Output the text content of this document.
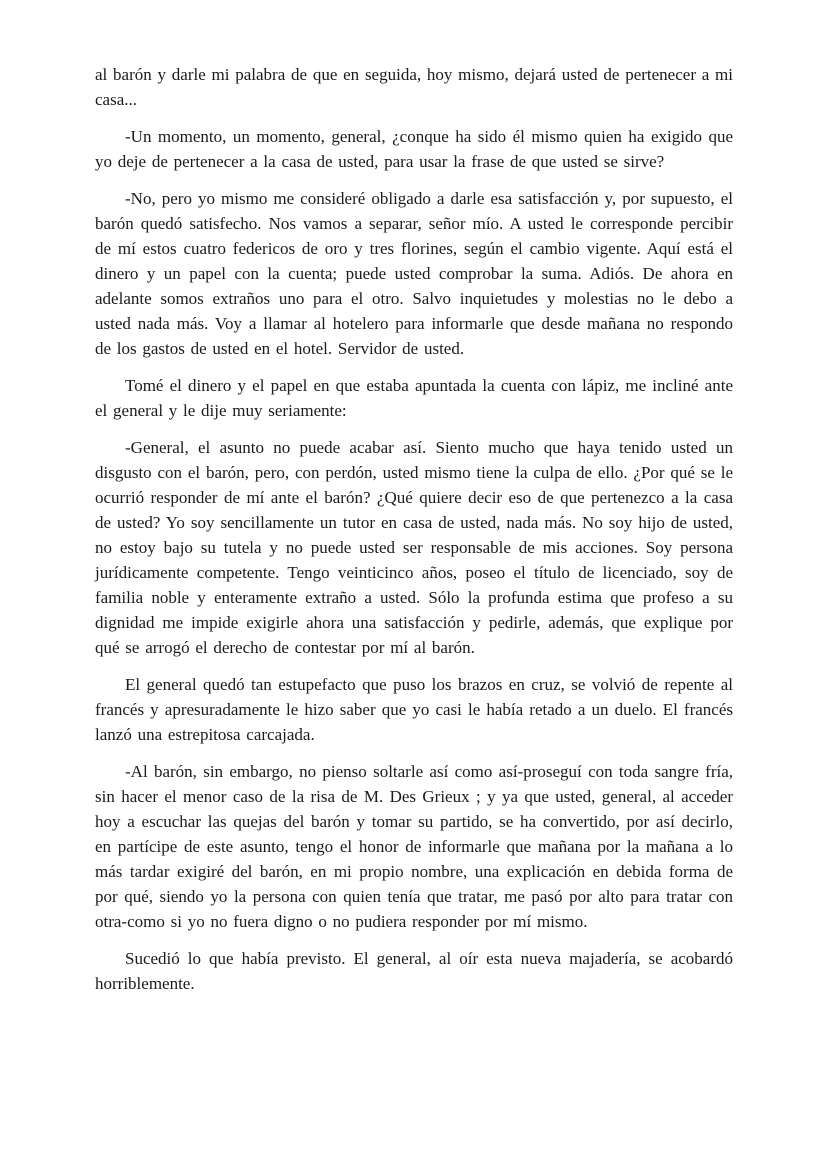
al barón y darle mi palabra de que en seguida, hoy mismo, dejará usted de pertenecer a mi casa...

-Un momento, un momento, general, ¿conque ha sido él mismo quien ha exigido que yo deje de pertenecer a la casa de usted, para usar la frase de que usted se sirve?

-No, pero yo mismo me consideré obligado a darle esa satisfacción y, por supuesto, el barón quedó satisfecho. Nos vamos a separar, señor mío. A usted le corresponde percibir de mí estos cuatro federicos de oro y tres florines, según el cambio vigente. Aquí está el dinero y un papel con la cuenta; puede usted comprobar la suma. Adiós. De ahora en adelante somos extraños uno para el otro. Salvo inquietudes y molestias no le debo a usted nada más. Voy a llamar al hotelero para informarle que desde mañana no respondo de los gastos de usted en el hotel. Servidor de usted.

Tomé el dinero y el papel en que estaba apuntada la cuenta con lápiz, me incliné ante el general y le dije muy seriamente:

-General, el asunto no puede acabar así. Siento mucho que haya tenido usted un disgusto con el barón, pero, con perdón, usted mismo tiene la culpa de ello. ¿Por qué se le ocurrió responder de mí ante el barón? ¿Qué quiere decir eso de que pertenezco a la casa de usted? Yo soy sencillamente un tutor en casa de usted, nada más. No soy hijo de usted, no estoy bajo su tutela y no puede usted ser responsable de mis acciones. Soy persona jurídicamente competente. Tengo veinticinco años, poseo el título de licenciado, soy de familia noble y enteramente extraño a usted. Sólo la profunda estima que profeso a su dignidad me impide exigirle ahora una satisfacción y pedirle, además, que explique por qué se arrogó el derecho de contestar por mí al barón.

El general quedó tan estupefacto que puso los brazos en cruz, se volvió de repente al francés y apresuradamente le hizo saber que yo casi le había retado a un duelo. El francés lanzó una estrepitosa carcajada.

-Al barón, sin embargo, no pienso soltarle así como así-proseguí con toda sangre fría, sin hacer el menor caso de la risa de M. Des Grieux ; y ya que usted, general, al acceder hoy a escuchar las quejas del barón y tomar su partido, se ha convertido, por así decirlo, en partícipe de este asunto, tengo el honor de informarle que mañana por la mañana a lo más tardar exigiré del barón, en mi propio nombre, una explicación en debida forma de por qué, siendo yo la persona con quien tenía que tratar, me pasó por alto para tratar con otra-como si yo no fuera digno o no pudiera responder por mí mismo.

Sucedió lo que había previsto. El general, al oír esta nueva majadería, se acobardó horriblemente.
